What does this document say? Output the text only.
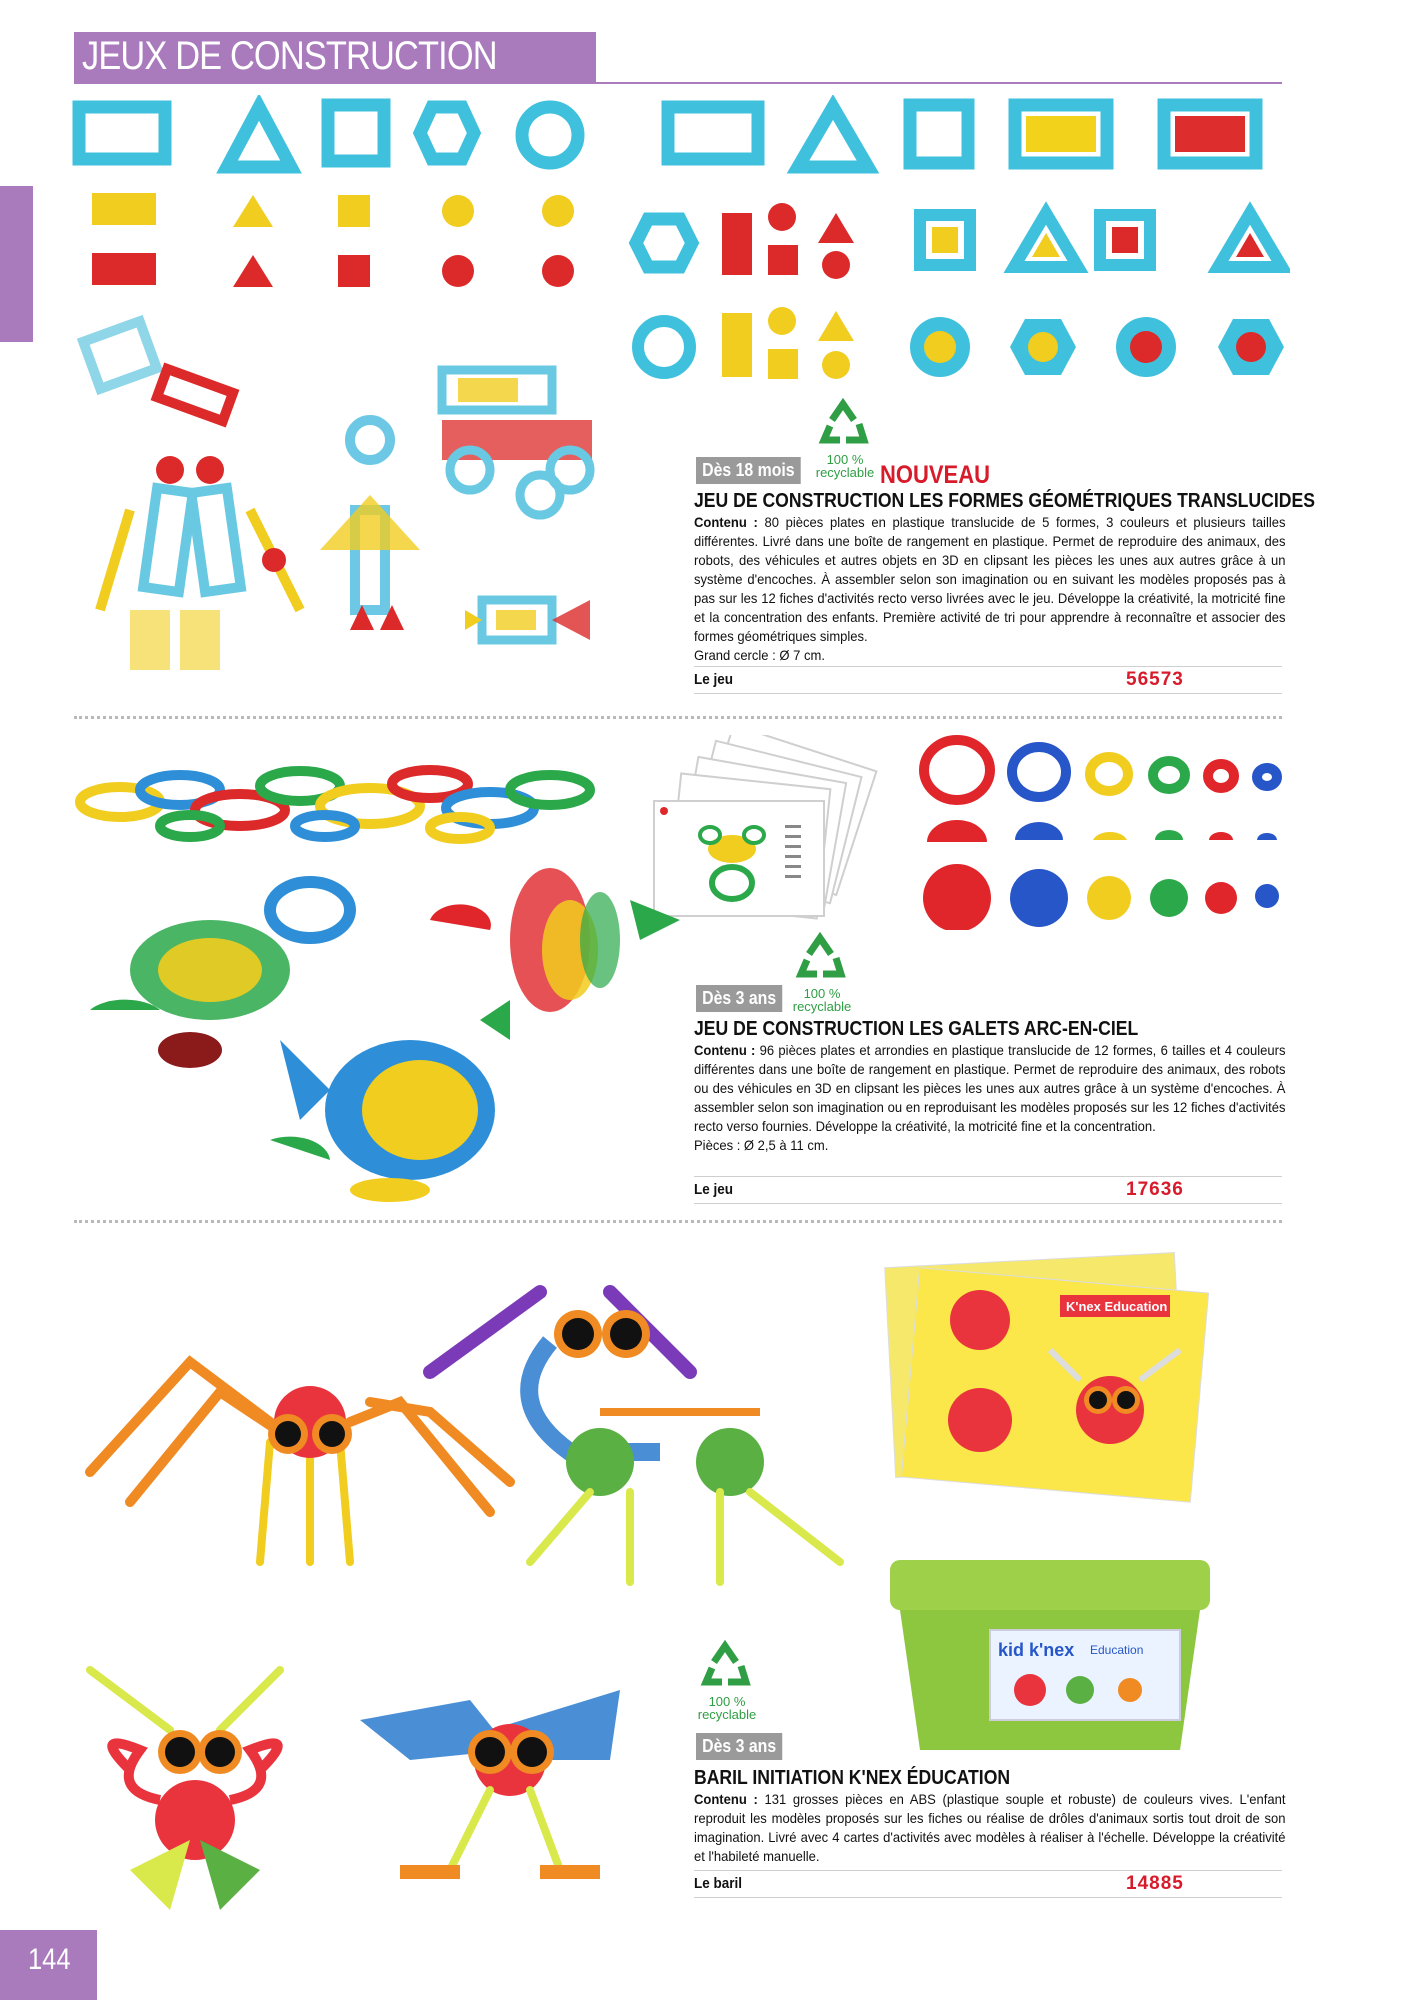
JEUX DE CONSTRUCTION
Dès 18 mois
100 %
recyclable NOUVEAU
JEU DE CONSTRUCTION LES FORMES GÉOMÉTRIQUES TRANSLUCIDES
Contenu : 80 pièces plates en plastique translucide de 5 formes, 3 couleurs et plusieurs tailles différentes. Livré dans une boîte de rangement en plastique. Permet de reproduire des animaux, des robots, des véhicules et autres objets en 3D en clipsant les pièces les unes aux autres grâce à un système d'encoches. À assembler selon son imagination ou en suivant les modèles proposés pas à pas sur les 12 fiches d'activités recto verso livrées avec le jeu. Développe la créativité, la motricité fine et la concentration des enfants. Première activité de tri pour apprendre à reconnaître et associer des formes géométriques simples.
Grand cercle : Ø 7 cm.
Le jeu	56573
Dès 3 ans	100 %
recyclable
JEU DE CONSTRUCTION LES GALETS ARC-EN-CIEL
Contenu : 96 pièces plates et arrondies en plastique translucide de 12 formes, 6 tailles et 4 couleurs différentes dans une boîte de rangement en plastique. Permet de reproduire des animaux, des robots ou des véhicules en 3D en clipsant les pièces les unes aux autres grâce à un système d'encoches. À assembler selon son imagination ou en reproduisant les modèles proposés sur les 12 fiches d'activités recto verso fournies. Développe la créativité, la motricité fine et la concentration.
Pièces : Ø 2,5 à 11 cm.
Le jeu	17636
K'nex Education
kid k'nex Education
100 %
recyclable
Dès 3 ans
BARIL INITIATION K'NEX ÉDUCATION
Contenu : 131 grosses pièces en ABS (plastique souple et robuste) de couleurs vives. L'enfant reproduit les modèles proposés sur les fiches ou réalise de drôles d'animaux sortis tout droit de son imagination. Livré avec 4 cartes d'activités avec modèles à réaliser à l'échelle. Développe la créativité et l'habileté manuelle.
Le baril	14885
144
